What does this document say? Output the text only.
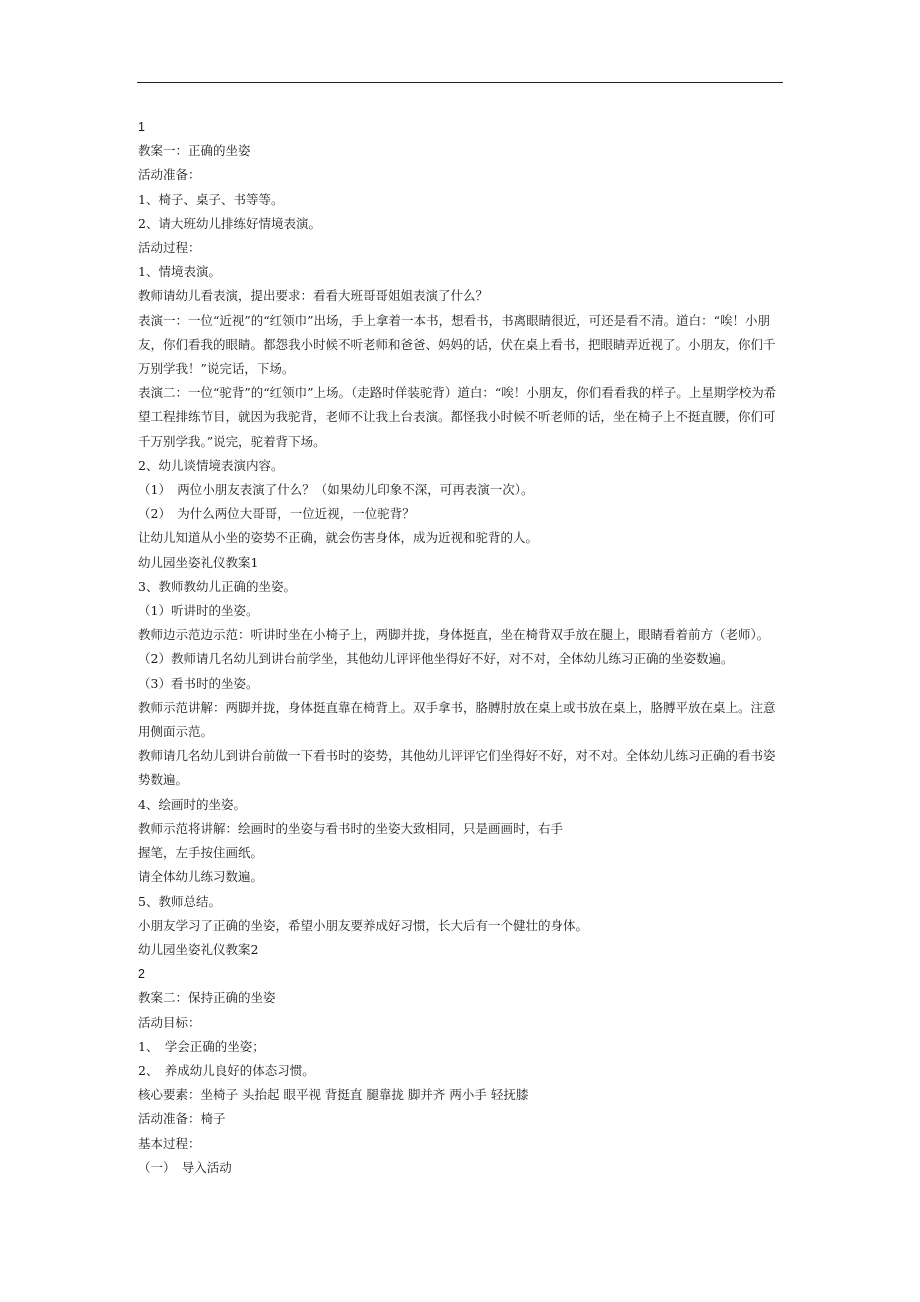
1

教案一：正确的坐姿

活动准备：

1、椅子、桌子、书等等。

2、请大班幼儿排练好情境表演。

活动过程：

1、情境表演。

教师请幼儿看表演，提出要求：看看大班哥哥姐姐表演了什么？

表演一：一位“近视”的“红领巾”出场，手上拿着一本书，想看书，书离眼睛很近，可还是看不清。道白：“唉！小朋友，你们看我的眼睛。都怨我小时候不听老师和爸爸、妈妈的话，伏在桌上看书，把眼睛弄近视了。小朋友，你们千万别学我！”说完话，下场。

表演二：一位“驼背”的“红领巾”上场。（走路时佯装驼背）道白：“唉！小朋友，你们看看我的样子。上星期学校为希望工程排练节目，就因为我驼背，老师不让我上台表演。都怪我小时候不听老师的话，坐在椅子上不挺直腰，你们可千万别学我。”说完，驼着背下场。

2、幼儿谈情境表演内容。

（1）　两位小朋友表演了什么？（如果幼儿印象不深，可再表演一次）。

（2）　为什么两位大哥哥，一位近视，一位驼背？

让幼儿知道从小坐的姿势不正确，就会伤害身体，成为近视和驼背的人。

幼儿园坐姿礼仪教案1

3、教师教幼儿正确的坐姿。

（1）听讲时的坐姿。

教师边示范边示范：听讲时坐在小椅子上，两脚并拢，身体挺直，坐在椅背双手放在腿上，眼睛看着前方（老师）。

（2）教师请几名幼儿到讲台前学坐，其他幼儿评评他坐得好不好，对不对，全体幼儿练习正确的坐姿数遍。

（3）看书时的坐姿。

教师示范讲解：两脚并拢，身体挺直靠在椅背上。双手拿书，胳膊肘放在桌上或书放在桌上，胳膊平放在桌上。注意用侧面示范。

教师请几名幼儿到讲台前做一下看书时的姿势，其他幼儿评评它们坐得好不好，对不对。全体幼儿练习正确的看书姿势数遍。

4、绘画时的坐姿。

教师示范将讲解：绘画时的坐姿与看书时的坐姿大致相同，只是画画时，右手

握笔，左手按住画纸。

请全体幼儿练习数遍。

5、教师总结。

小朋友学习了正确的坐姿，希望小朋友要养成好习惯，长大后有一个健壮的身体。

幼儿园坐姿礼仪教案2

2

教案二：保持正确的坐姿

活动目标：

1、　学会正确的坐姿；

2、　养成幼儿良好的体态习惯。

核心要素：坐椅子 头抬起 眼平视 背挺直 腿靠拢 脚并齐 两小手 轻抚膝

活动准备：椅子

基本过程：

（一）　导入活动
